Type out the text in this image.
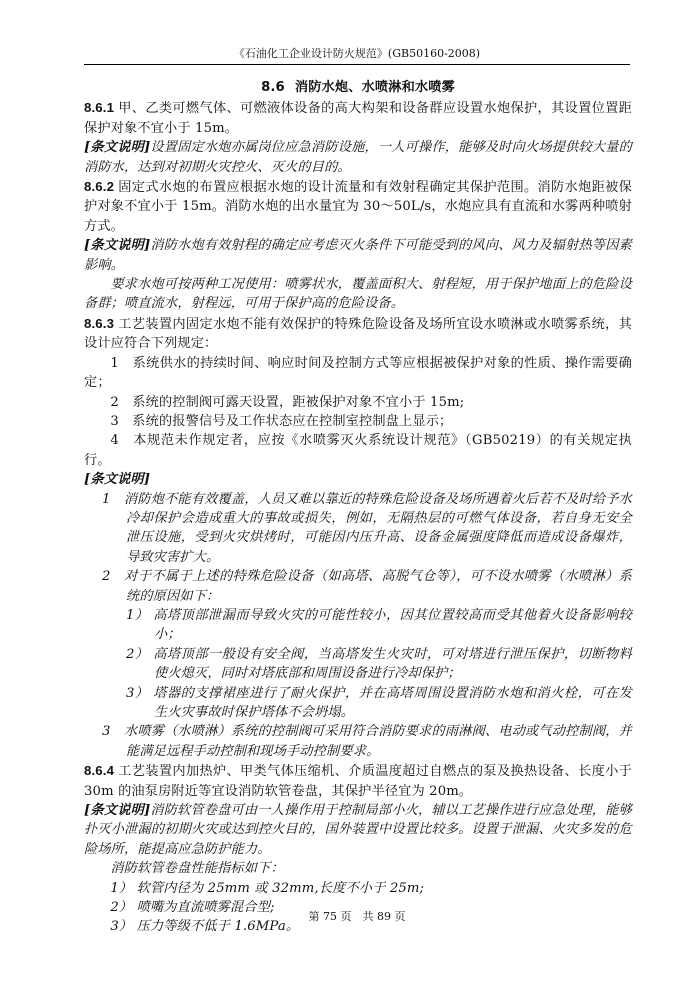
《石油化工企业设计防火规范》(GB50160-2008)

8.6 消防水炮、水喷淋和水喷雾

8.6.1 甲、乙类可燃气体、可燃液体设备的高大构架和设备群应设置水炮保护，其设置位置距保护对象不宜小于 15m。

[条文说明]设置固定水炮亦属岗位应急消防设施，一人可操作，能够及时向火场提供较大量的消防水，达到对初期火灾控火、灭火的目的。

8.6.2 固定式水炮的布置应根据水炮的设计流量和有效射程确定其保护范围。消防水炮距被保护对象不宜小于 15m。消防水炮的出水量宜为 30～50L/s，水炮应具有直流和水雾两种喷射方式。

[条文说明]消防水炮有效射程的确定应考虑灭火条件下可能受到的风向、风力及辐射热等因素影响。

要求水炮可按两种工况使用：喷雾状水，覆盖面积大、射程短，用于保护地面上的危险设备群；喷直流水，射程远，可用于保护高的危险设备。

8.6.3 工艺装置内固定水炮不能有效保护的特殊危险设备及场所宜设水喷淋或水喷雾系统，其设计应符合下列规定：

1　系统供水的持续时间、响应时间及控制方式等应根据被保护对象的性质、操作需要确定；

2　系统的控制阀可露天设置，距被保护对象不宜小于 15m;

3　系统的报警信号及工作状态应在控制室控制盘上显示；

4　本规范未作规定者，应按《水喷雾灭火系统设计规范》（GB50219）的有关规定执行。

[条文说明]

1　 消防炮不能有效覆盖，人员又难以靠近的特殊危险设备及场所遇着火后若不及时给予水冷却保护会造成重大的事故或损失，例如，无隔热层的可燃气体设备，若自身无安全泄压设施，受到火灾烘烤时，可能因内压升高、设备金属强度降低而造成设备爆炸，导致灾害扩大。

2　 对于不属于上述的特殊危险设备（如高塔、高脱气仓等），可不设水喷雾（水喷淋）系统的原因如下：

1） 高塔顶部泄漏而导致火灾的可能性较小，因其位置较高而受其他着火设备影响较小；

2） 高塔顶部一般设有安全阀，当高塔发生火灾时，可对塔进行泄压保护，切断物料使火熄灭，同时对塔底部和周围设备进行冷却保护；

3） 塔器的支撑裙座进行了耐火保护，并在高塔周围设置消防水炮和消火栓，可在发生火灾事故时保护塔体不会坍塌。

3　 水喷雾（水喷淋）系统的控制阀可采用符合消防要求的雨淋阀、电动或气动控制阀，并能满足远程手动控制和现场手动控制要求。

8.6.4 工艺装置内加热炉、甲类气体压缩机、介质温度超过自燃点的泵及换热设备、长度小于 30m 的油泵房附近等宜设消防软管卷盘，其保护半径宜为 20m。

[条文说明]消防软管卷盘可由一人操作用于控制局部小火，辅以工艺操作进行应急处理，能够扑灭小泄漏的初期火灾或达到控火目的，国外装置中设置比较多。设置于泄漏、火灾多发的危险场所，能提高应急防护能力。

消防软管卷盘性能指标如下：

1） 软管内径为 25mm 或 32mm,长度不小于 25m;

2） 喷嘴为直流喷雾混合型;

3） 压力等级不低于 1.6MPa。

第 75 页　共 89 页
